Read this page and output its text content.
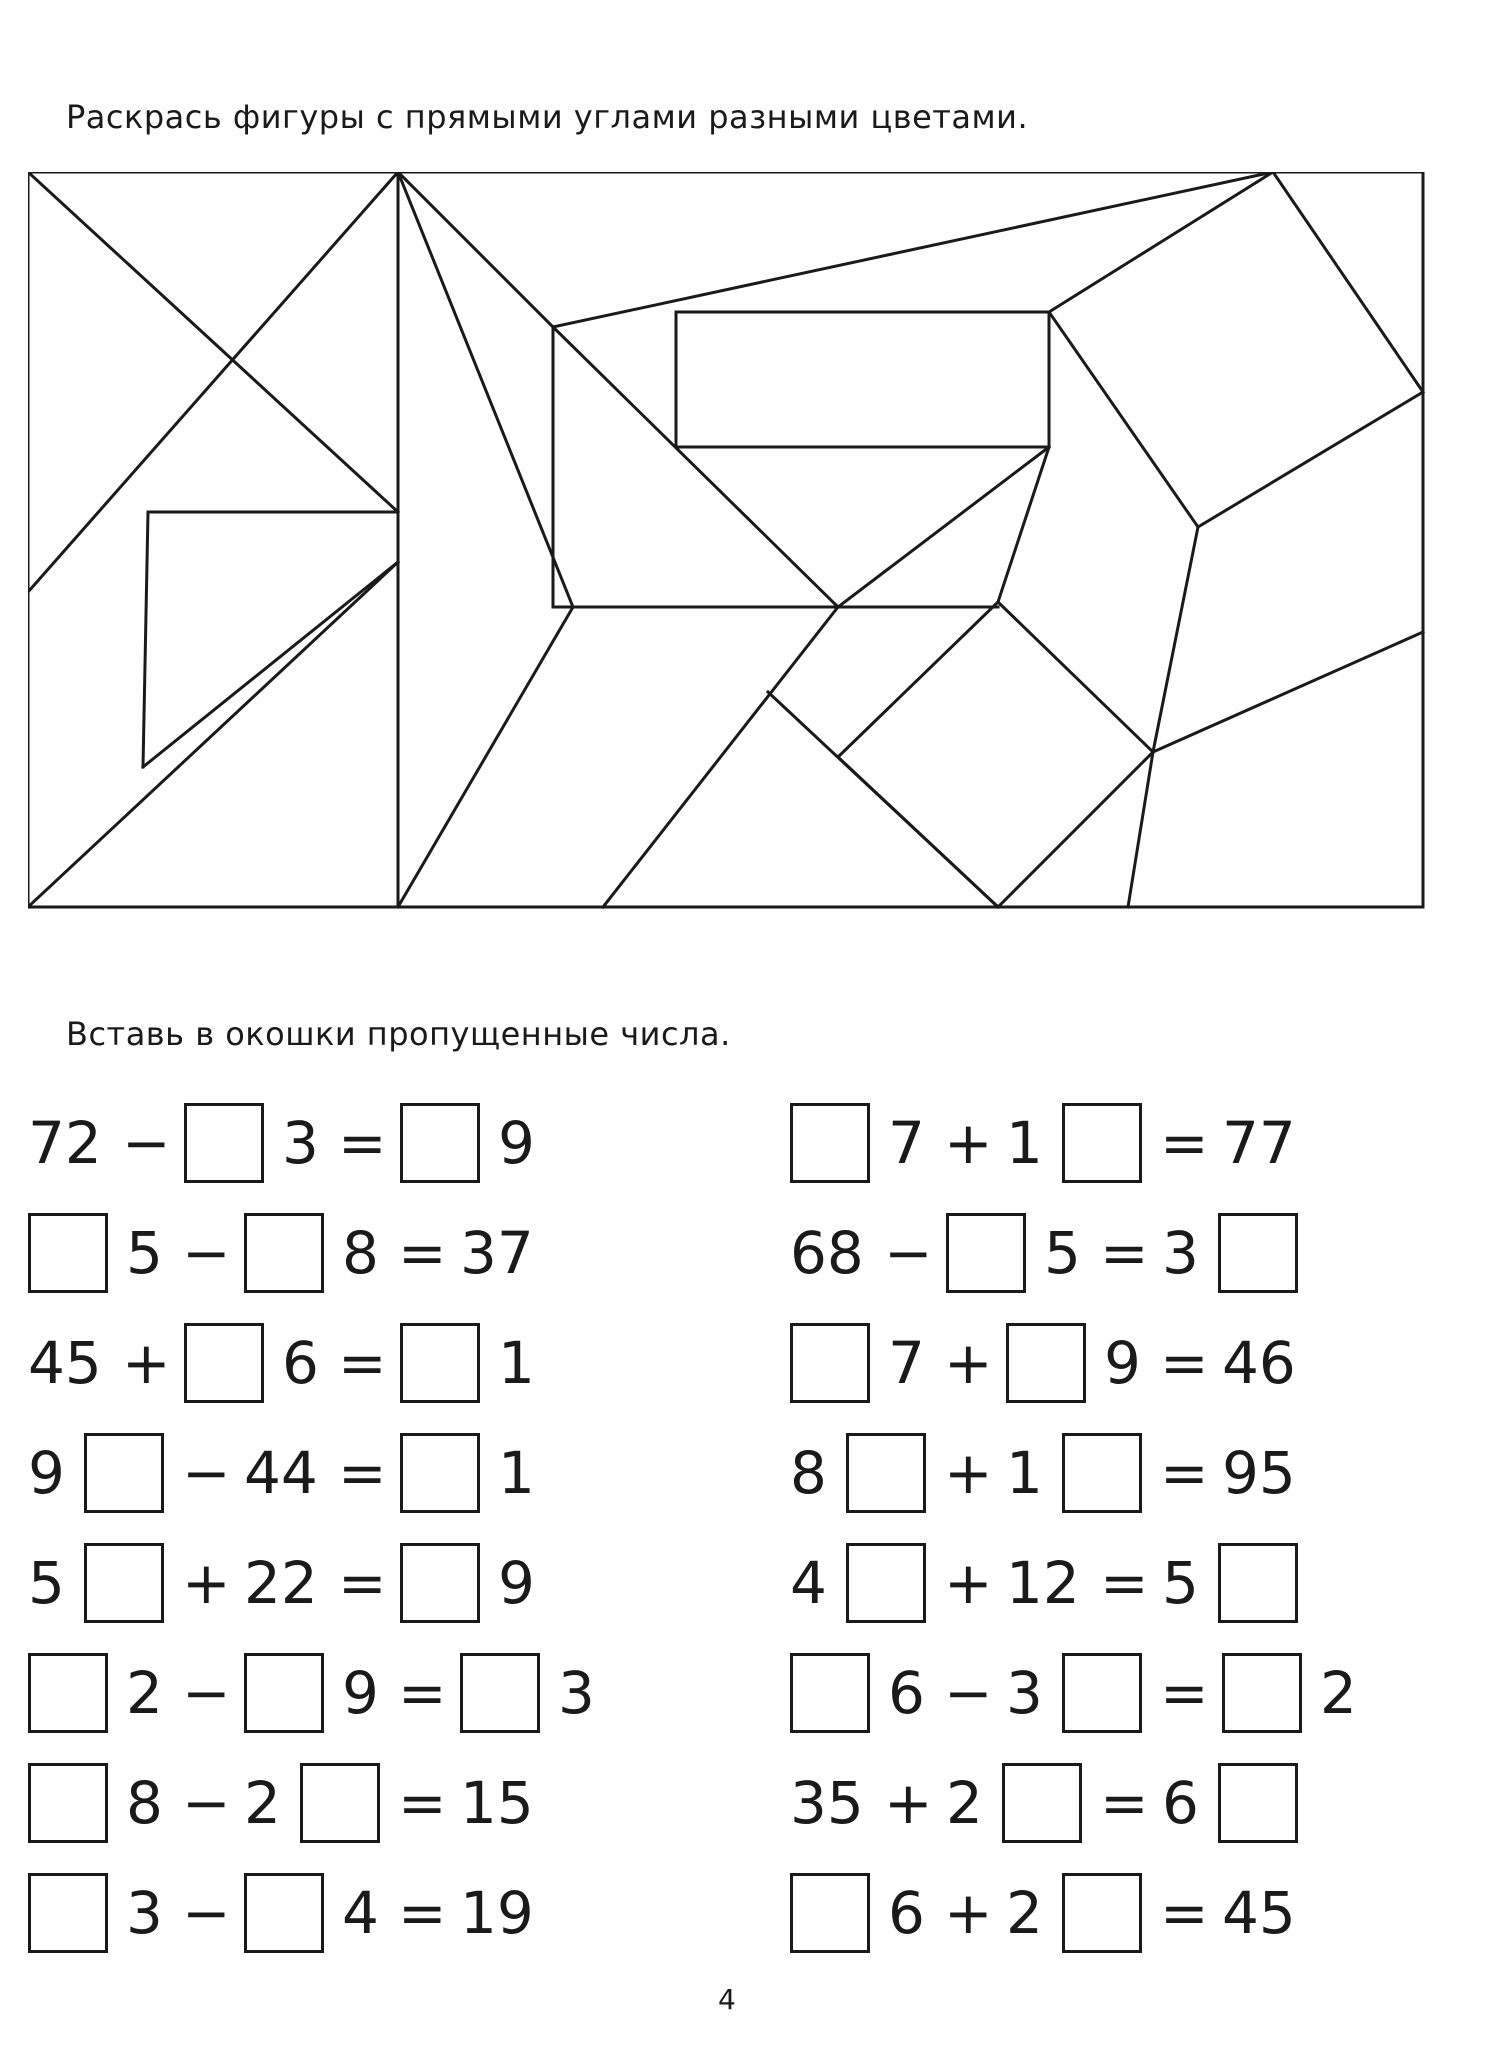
Раскрась фигуры с прямыми углами разными цветами.
Вставь в окошки пропущенные числа.
72 − 3 = 9
5 − 8 = 37
45 + 6 = 1
9 − 44 = 1
5 + 22 = 9
2 − 9 = 3
8 − 2 = 15
3 − 4 = 19
7 + 1 = 77
68 − 5 = 3
7 + 9 = 46
8 + 1 = 95
4 + 12 = 5
6 − 3 = 2
35 + 2 = 6
6 + 2 = 45
4
